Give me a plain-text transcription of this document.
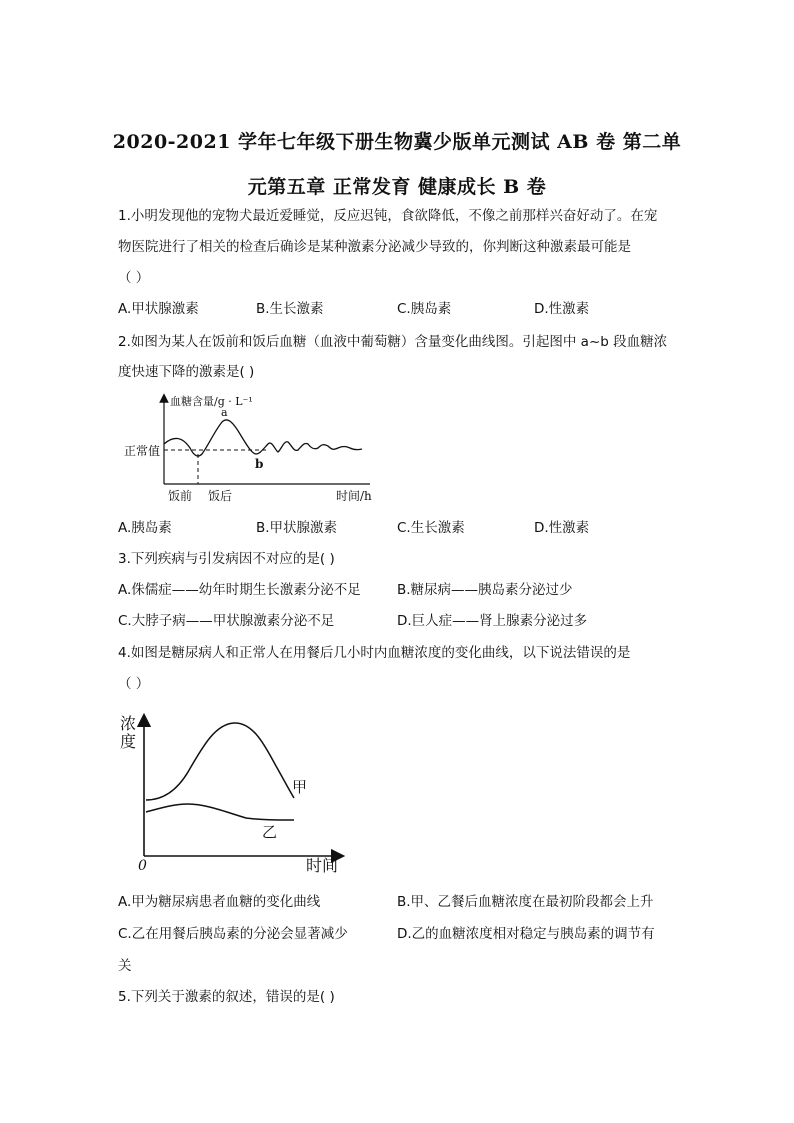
2020-2021 学年七年级下册生物冀少版单元测试 AB 卷 第二单
元第五章 正常发育 健康成长 B 卷
1.小明发现他的宠物犬最近爱睡觉，反应迟钝，食欲降低，不像之前那样兴奋好动了。在宠
物医院进行了相关的检查后确诊是某种激素分泌减少导致的，你判断这种激素最可能是
（ ）
A.甲状腺激素	B.生长激素	C.胰岛素	D.性激素
2.如图为某人在饭前和饭后血糖（血液中葡萄糖）含量变化曲线图。引起图中 a~b 段血糖浓
度快速下降的激素是( )
血糖含量/g · L⁻¹
正常值
a
b
饭前 饭后	时间/h
A.胰岛素	B.甲状腺激素	C.生长激素	D.性激素
3.下列疾病与引发病因不对应的是( )
A.侏儒症——幼年时期生长激素分泌不足	B.糖尿病——胰岛素分泌过少
C.大脖子病——甲状腺激素分泌不足	D.巨人症——肾上腺素分泌过多
4.如图是糖尿病人和正常人在用餐后几小时内血糖浓度的变化曲线，以下说法错误的是
（ ）
浓
度
0	时间
甲
乙
A.甲为糖尿病患者血糖的变化曲线	B.甲、乙餐后血糖浓度在最初阶段都会上升
C.乙在用餐后胰岛素的分泌会显著减少	D.乙的血糖浓度相对稳定与胰岛素的调节有
关
5.下列关于激素的叙述，错误的是( )
